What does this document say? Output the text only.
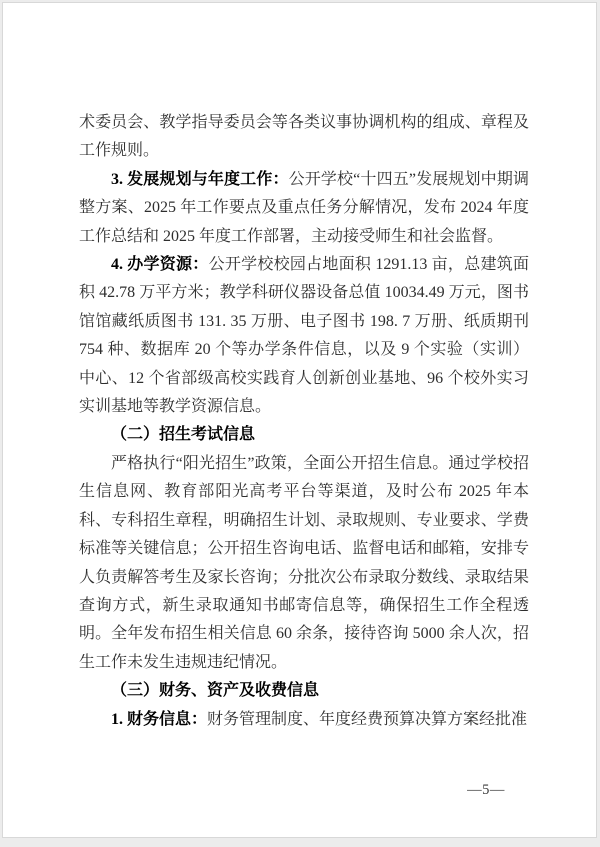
术委员会、教学指导委员会等各类议事协调机构的组成、章程及工作规则。

3. 发展规划与年度工作：公开学校“十四五”发展规划中期调整方案、2025 年工作要点及重点任务分解情况，发布 2024 年度工作总结和 2025 年度工作部署，主动接受师生和社会监督。

4. 办学资源：公开学校校园占地面积 1291.13 亩，总建筑面积 42.78 万平方米；教学科研仪器设备总值 10034.49 万元，图书馆馆藏纸质图书 131. 35 万册、电子图书 198. 7 万册、纸质期刊 754 种、数据库 20 个等办学条件信息，以及 9 个实验（实训）中心、12 个省部级高校实践育人创新创业基地、96 个校外实习实训基地等教学资源信息。

（二）招生考试信息

严格执行“阳光招生”政策，全面公开招生信息。通过学校招生信息网、教育部阳光高考平台等渠道，及时公布 2025 年本科、专科招生章程，明确招生计划、录取规则、专业要求、学费标准等关键信息；公开招生咨询电话、监督电话和邮箱，安排专人负责解答考生及家长咨询；分批次公布录取分数线、录取结果查询方式，新生录取通知书邮寄信息等，确保招生工作全程透明。全年发布招生相关信息 60 余条，接待咨询 5000 余人次，招生工作未发生违规违纪情况。

（三）财务、资产及收费信息

1. 财务信息：财务管理制度、年度经费预算决算方案经批准

—5—
